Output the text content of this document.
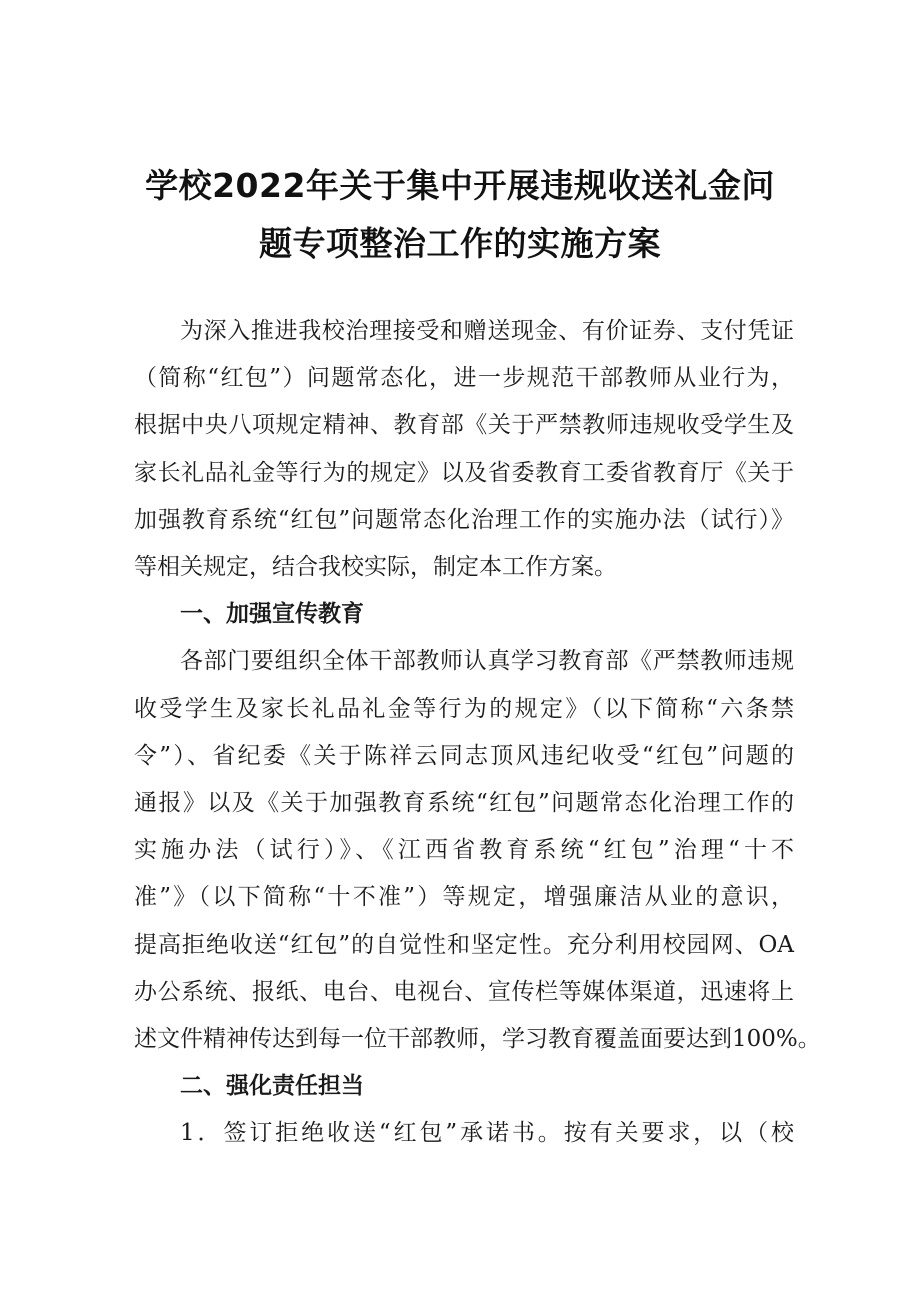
学校2022年关于集中开展违规收送礼金问
题专项整治工作的实施方案
为深入推进我校治理接受和赠送现金、有价证券、支付凭证
（简称“红包”）问题常态化，进一步规范干部教师从业行为，
根据中央八项规定精神、教育部《关于严禁教师违规收受学生及
家长礼品礼金等行为的规定》以及省委教育工委省教育厅《关于
加强教育系统“红包”问题常态化治理工作的实施办法（试行）》
等相关规定，结合我校实际，制定本工作方案。
一、加强宣传教育
各部门要组织全体干部教师认真学习教育部《严禁教师违规
收受学生及家长礼品礼金等行为的规定》（以下简称“六条禁
令”）、省纪委《关于陈祥云同志顶风违纪收受“红包”问题的
通报》以及《关于加强教育系统“红包”问题常态化治理工作的
实施办法（试行）》、《江西省教育系统“红包”治理“十不
准”》（以下简称“十不准”）等规定，增强廉洁从业的意识，
提高拒绝收送“红包”的自觉性和坚定性。充分利用校园网、OA
办公系统、报纸、电台、电视台、宣传栏等媒体渠道，迅速将上
述文件精神传达到每一位干部教师，学习教育覆盖面要达到100%。
二、强化责任担当
1．签订拒绝收送“红包”承诺书。按有关要求，以（校
